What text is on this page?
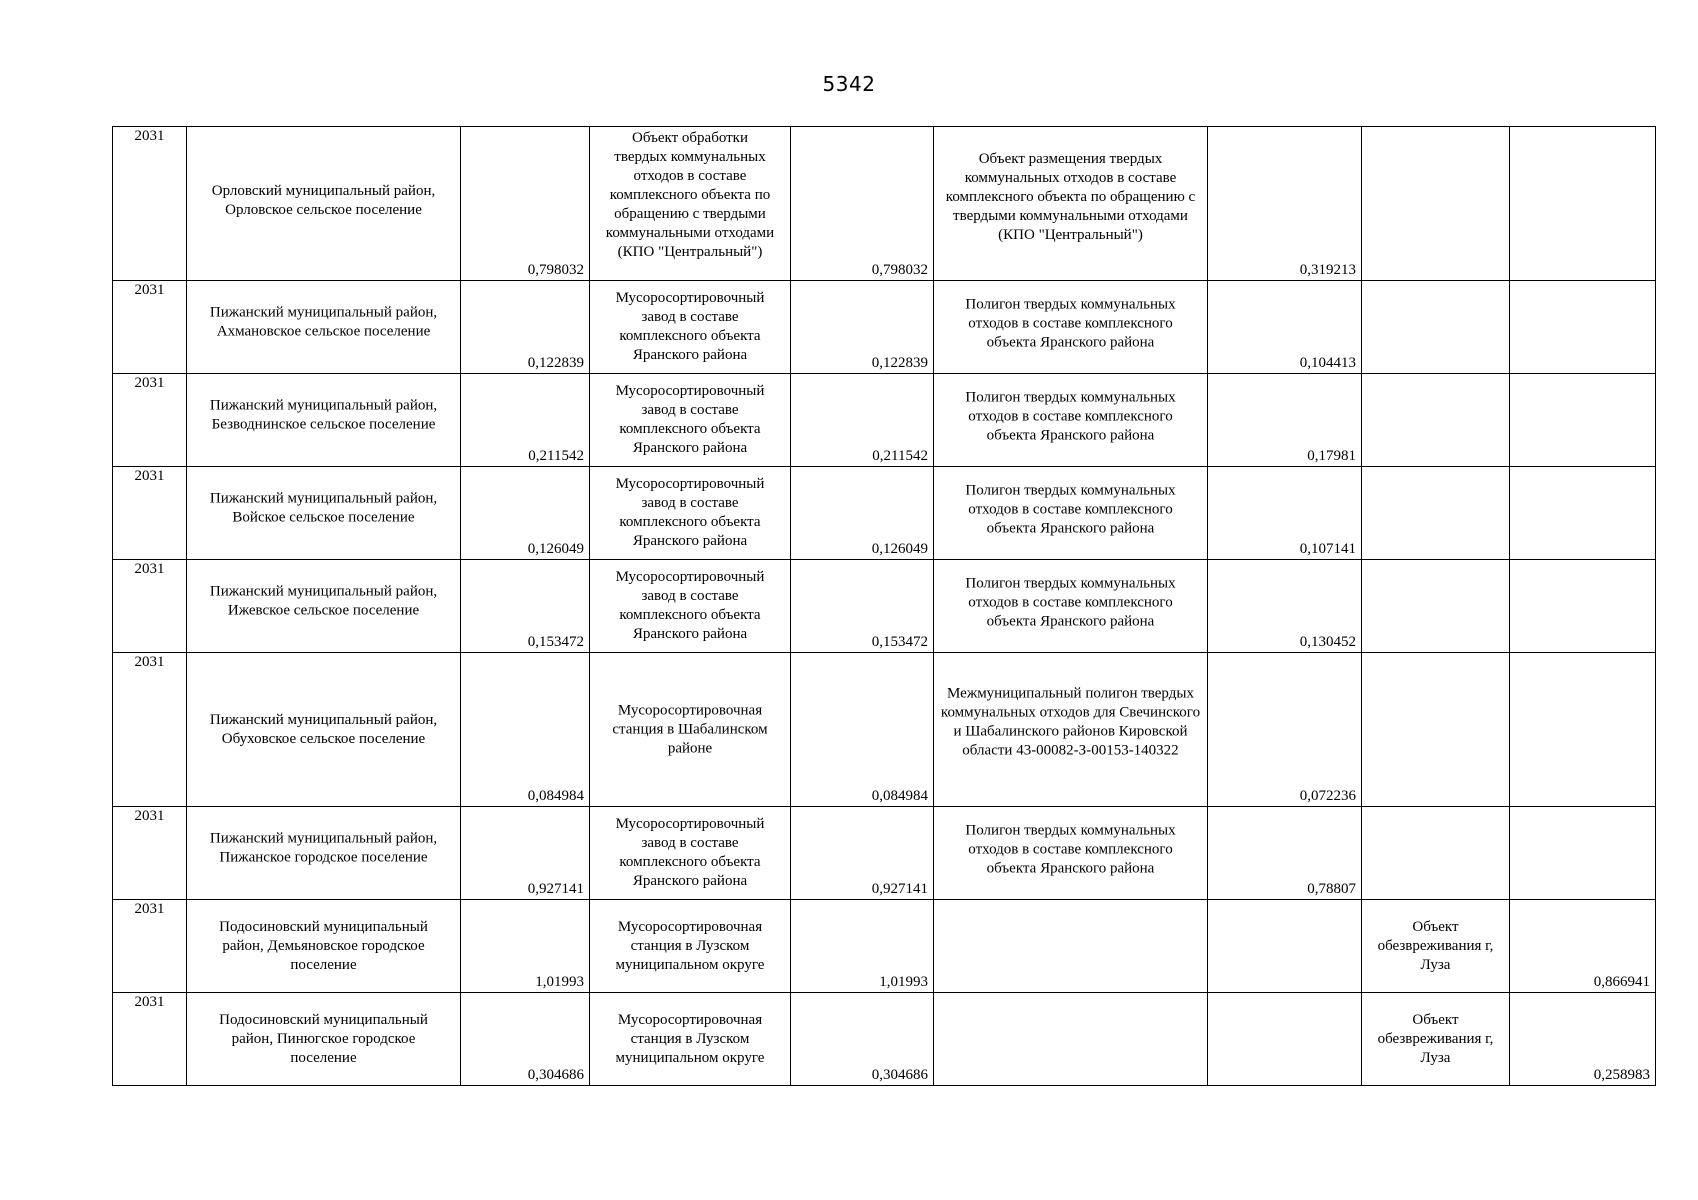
5342
2031	Орловский муниципальный район, Орловское сельское поселение	0,798032	Объект обработки твердых коммунальных отходов в составе комплексного объекта по обращению с твердыми коммунальными отходами (КПО "Центральный")	0,798032	Объект размещения твердых коммунальных отходов в составе комплексного объекта по обращению с твердыми коммунальными отходами (КПО "Центральный")	0,319213		

2031	Пижанский муниципальный район, Ахмановское сельское поселение	0,122839	Мусоросортировочный завод в составе комплексного объекта Яранского района	0,122839	Полигон твердых коммунальных отходов в составе комплексного объекта Яранского района	0,104413		

2031	Пижанский муниципальный район, Безводнинское сельское поселение	0,211542	Мусоросортировочный завод в составе комплексного объекта Яранского района	0,211542	Полигон твердых коммунальных отходов в составе комплексного объекта Яранского района	0,17981		

2031	Пижанский муниципальный район, Войское сельское поселение	0,126049	Мусоросортировочный завод в составе комплексного объекта Яранского района	0,126049	Полигон твердых коммунальных отходов в составе комплексного объекта Яранского района	0,107141		

2031	Пижанский муниципальный район, Ижевское сельское поселение	0,153472	Мусоросортировочный завод в составе комплексного объекта Яранского района	0,153472	Полигон твердых коммунальных отходов в составе комплексного объекта Яранского района	0,130452		

2031	Пижанский муниципальный район, Обуховское сельское поселение	0,084984	Мусоросортировочная станция в Шабалинском районе	0,084984	Межмуниципальный полигон твердых коммунальных отходов для Свечинского и Шабалинского районов Кировской области 43-00082-З-00153-140322	0,072236		

2031	Пижанский муниципальный район, Пижанское городское поселение	0,927141	Мусоросортировочный завод в составе комплексного объекта Яранского района	0,927141	Полигон твердых коммунальных отходов в составе комплексного объекта Яранского района	0,78807		

2031	Подосиновский муниципальный район, Демьяновское городское поселение	1,01993	Мусоросортировочная станция в Лузском муниципальном округе	1,01993			Объект обезвреживания г, Луза	0,866941

2031	Подосиновский муниципальный район, Пинюгское городское поселение	0,304686	Мусоросортировочная станция в Лузском муниципальном округе	0,304686			Объект обезвреживания г, Луза	0,258983
